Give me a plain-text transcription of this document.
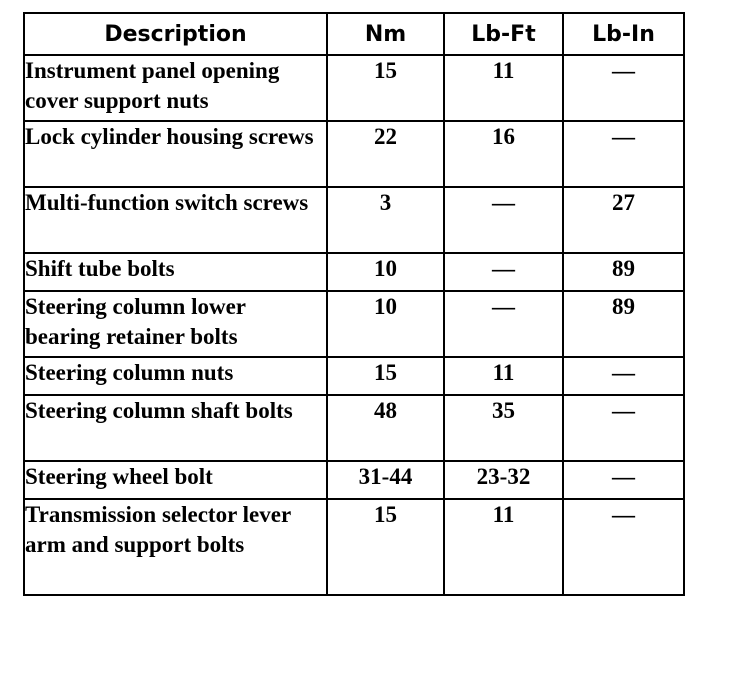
Description	Nm	Lb-Ft	Lb-In
Instrument panel opening cover support nuts	15	11	—
Lock cylinder housing screws	22	16	—
Multi-function switch screws	3	—	27
Shift tube bolts	10	—	89
Steering column lower bearing retainer bolts	10	—	89
Steering column nuts	15	11	—
Steering column shaft bolts	48	35	—
Steering wheel bolt	31-44	23-32	—
Transmission selector lever arm and support bolts	15	11	—
